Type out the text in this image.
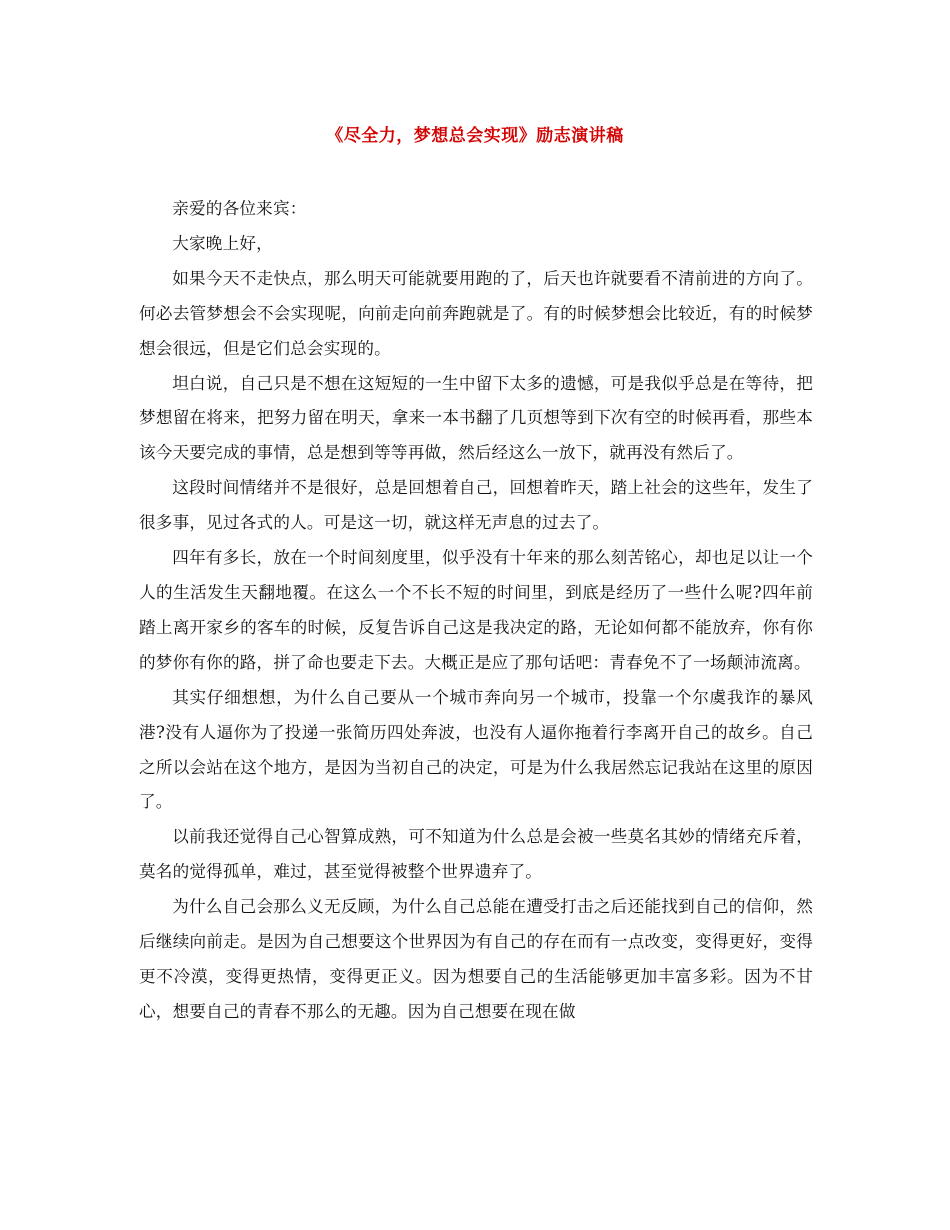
《尽全力，梦想总会实现》励志演讲稿

亲爱的各位来宾：

大家晚上好，

如果今天不走快点，那么明天可能就要用跑的了，后天也许就要看不清前进的方向了。何必去管梦想会不会实现呢，向前走向前奔跑就是了。有的时候梦想会比较近，有的时候梦想会很远，但是它们总会实现的。

坦白说，自己只是不想在这短短的一生中留下太多的遗憾，可是我似乎总是在等待，把梦想留在将来，把努力留在明天，拿来一本书翻了几页想等到下次有空的时候再看，那些本该今天要完成的事情，总是想到等等再做，然后经这么一放下，就再没有然后了。

这段时间情绪并不是很好，总是回想着自己，回想着昨天，踏上社会的这些年，发生了很多事，见过各式的人。可是这一切，就这样无声息的过去了。

四年有多长，放在一个时间刻度里，似乎没有十年来的那么刻苦铭心，却也足以让一个人的生活发生天翻地覆。在这么一个不长不短的时间里，到底是经历了一些什么呢?四年前踏上离开家乡的客车的时候，反复告诉自己这是我决定的路，无论如何都不能放弃，你有你的梦你有你的路，拼了命也要走下去。大概正是应了那句话吧：青春免不了一场颠沛流离。

其实仔细想想，为什么自己要从一个城市奔向另一个城市，投靠一个尔虞我诈的暴风港?没有人逼你为了投递一张简历四处奔波，也没有人逼你拖着行李离开自己的故乡。自己之所以会站在这个地方，是因为当初自己的决定，可是为什么我居然忘记我站在这里的原因了。

以前我还觉得自己心智算成熟，可不知道为什么总是会被一些莫名其妙的情绪充斥着，莫名的觉得孤单，难过，甚至觉得被整个世界遗弃了。

为什么自己会那么义无反顾，为什么自己总能在遭受打击之后还能找到自己的信仰，然后继续向前走。是因为自己想要这个世界因为有自己的存在而有一点改变，变得更好，变得更不冷漠，变得更热情，变得更正义。因为想要自己的生活能够更加丰富多彩。因为不甘心，想要自己的青春不那么的无趣。因为自己想要在现在做
